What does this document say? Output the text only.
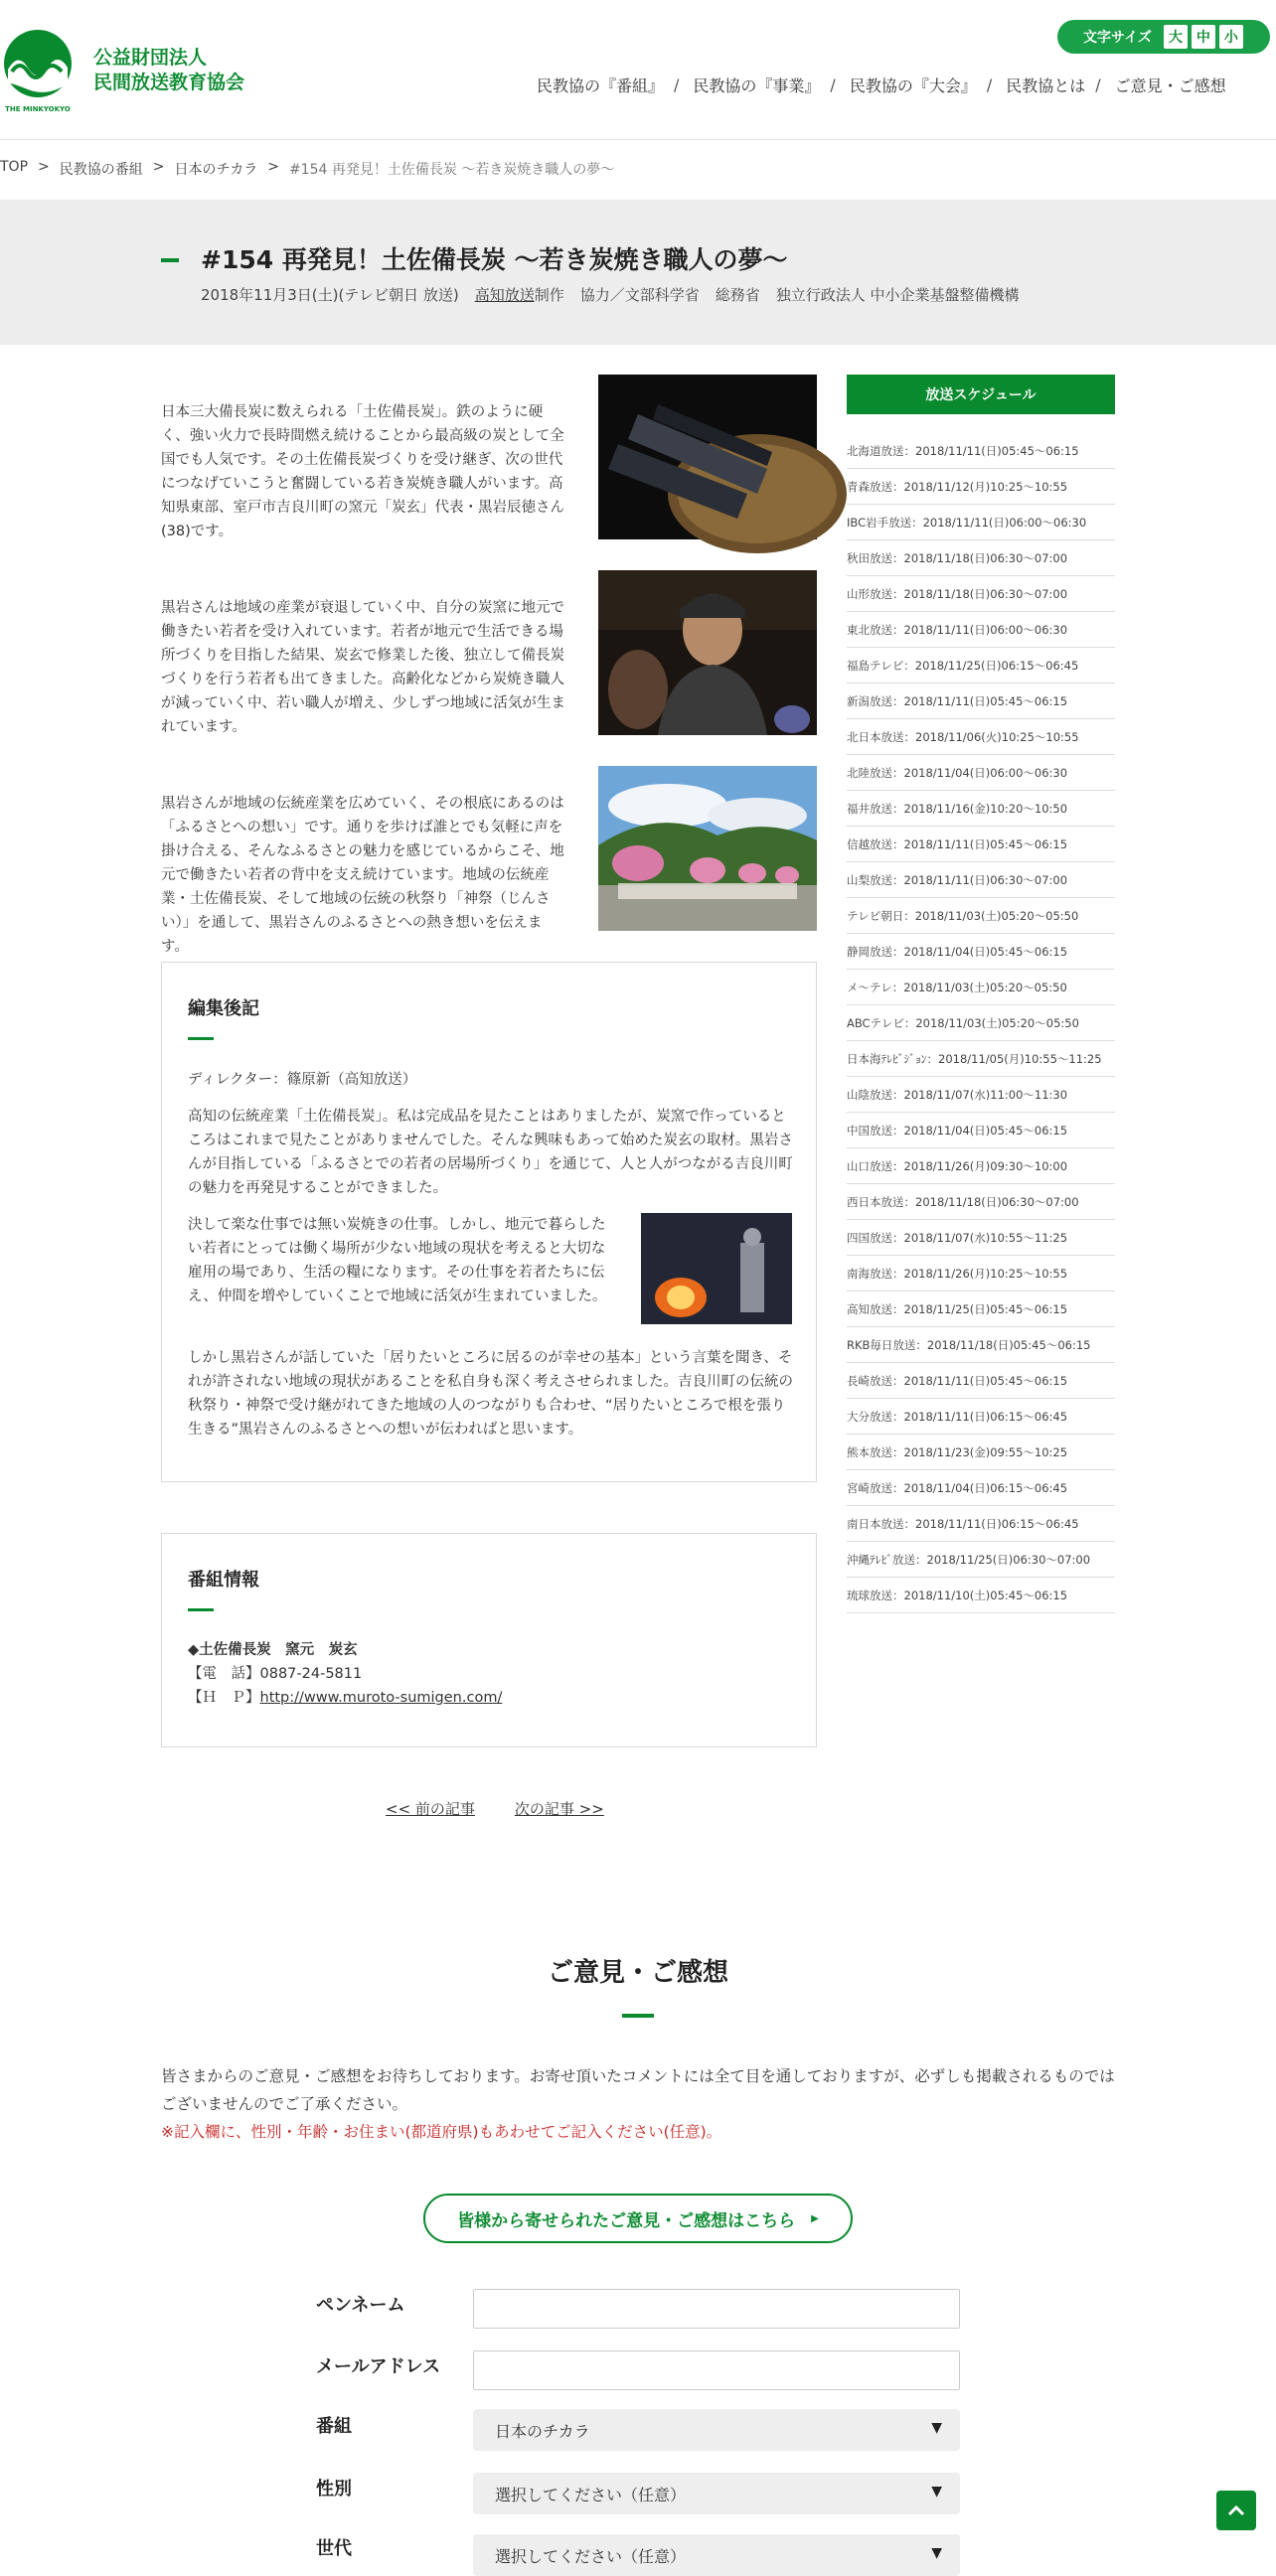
THE MINKYOKYO
公益財団法人
民間放送教育協会
文字サイズ	大	中	小
民教協の『番組』 / 民教協の『事業』 / 民教協の『大会』 / 民教協とは / ご意見・ご感想
TOP > 民教協の番組 > 日本のチカラ > #154 再発見！土佐備長炭 〜若き炭焼き職人の夢〜
#154 再発見！土佐備長炭 〜若き炭焼き職人の夢〜
2018年11月3日(土)(テレビ朝日 放送) 高知放送 制作 協力／文部科学省 総務省 独立行政法人 中小企業基盤整備機構

日本三大備長炭に数えられる「土佐備長炭」。鉄のように硬く、強い火力で長時間燃え続けることから最高級の炭として全国でも人気です。その土佐備長炭づくりを受け継ぎ、次の世代につなげていこうと奮闘している若き炭焼き職人がいます。高知県東部、室戸市吉良川町の窯元「炭玄」代表・黒岩辰徳さん(38)です。

黒岩さんは地域の産業が衰退していく中、自分の炭窯に地元で働きたい若者を受け入れています。若者が地元で生活できる場所づくりを目指した結果、炭玄で修業した後、独立して備長炭づくりを行う若者も出てきました。高齢化などから炭焼き職人が減っていく中、若い職人が増え、少しずつ地域に活気が生まれています。

黒岩さんが地域の伝統産業を広めていく、その根底にあるのは「ふるさとへの想い」です。通りを歩けば誰とでも気軽に声を掛け合える、そんなふるさとの魅力を感じているからこそ、地元で働きたい若者の背中を支え続けています。地域の伝統産業・土佐備長炭、そして地域の伝統の秋祭り「神祭（じんさい）」を通して、黒岩さんのふるさとへの熱き想いを伝えます。

編集後記

ディレクター：篠原新（高知放送）

高知の伝統産業「土佐備長炭」。私は完成品を見たことはありましたが、炭窯で作っているところはこれまで見たことがありませんでした。そんな興味もあって始めた炭玄の取材。黒岩さんが目指している「ふるさとでの若者の居場所づくり」を通じて、人と人がつながる吉良川町の魅力を再発見することができました。

決して楽な仕事では無い炭焼きの仕事。しかし、地元で暮らしたい若者にとっては働く場所が少ない地域の現状を考えると大切な雇用の場であり、生活の糧になります。その仕事を若者たちに伝え、仲間を増やしていくことで地域に活気が生まれていました。

しかし黒岩さんが話していた「居りたいところに居るのが幸せの基本」という言葉を聞き、それが許されない地域の現状があることを私自身も深く考えさせられました。吉良川町の伝統の秋祭り・神祭で受け継がれてきた地域の人のつながりも合わせ、“居りたいところで根を張り生きる”黒岩さんのふるさとへの想いが伝わればと思います。

番組情報

◆土佐備長炭　窯元　炭玄

【電　話】0887-24-5811

【Ｈ　Ｐ】http://www.muroto-sumigen.com/

<< 前の記事	次の記事 >>
放送スケジュール
北海道放送：2018/11/11(日)05:45〜06:15
青森放送：2018/11/12(月)10:25〜10:55
IBC岩手放送：2018/11/11(日)06:00〜06:30
秋田放送：2018/11/18(日)06:30〜07:00
山形放送：2018/11/18(日)06:30〜07:00
東北放送：2018/11/11(日)06:00〜06:30
福島テレビ：2018/11/25(日)06:15〜06:45
新潟放送：2018/11/11(日)05:45〜06:15
北日本放送：2018/11/06(火)10:25〜10:55
北陸放送：2018/11/04(日)06:00〜06:30
福井放送：2018/11/16(金)10:20〜10:50
信越放送：2018/11/11(日)05:45〜06:15
山梨放送：2018/11/11(日)06:30〜07:00
テレビ朝日：2018/11/03(土)05:20〜05:50
静岡放送：2018/11/04(日)05:45〜06:15
メ〜テレ：2018/11/03(土)05:20〜05:50
ABCテレビ：2018/11/03(土)05:20〜05:50
日本海ﾃﾚﾋﾞｼﾞｮﾝ：2018/11/05(月)10:55〜11:25
山陰放送：2018/11/07(水)11:00〜11:30
中国放送：2018/11/04(日)05:45〜06:15
山口放送：2018/11/26(月)09:30〜10:00
西日本放送：2018/11/18(日)06:30〜07:00
四国放送：2018/11/07(水)10:55〜11:25
南海放送：2018/11/26(月)10:25〜10:55
高知放送：2018/11/25(日)05:45〜06:15
RKB毎日放送：2018/11/18(日)05:45〜06:15
長崎放送：2018/11/11(日)05:45〜06:15
大分放送：2018/11/11(日)06:15〜06:45
熊本放送：2018/11/23(金)09:55〜10:25
宮崎放送：2018/11/04(日)06:15〜06:45
南日本放送：2018/11/11(日)06:15〜06:45
沖縄ﾃﾚﾋﾞ放送：2018/11/25(日)06:30〜07:00
琉球放送：2018/11/10(土)05:45〜06:15
ご意見・ご感想

皆さまからのご意見・ご感想をお待ちしております。お寄せ頂いたコメントには全て目を通しておりますが、必ずしも掲載されるものではございませんのでご了承ください。

※記入欄に、性別・年齢・お住まい(都道府県)もあわせてご記入ください(任意)。

皆様から寄せられたご意見・ご感想はこちら ▶
ペンネーム
メールアドレス
番組	日本のチカラ	▼
性別	選択してください（任意）	▼
世代	選択してください（任意）	▼
